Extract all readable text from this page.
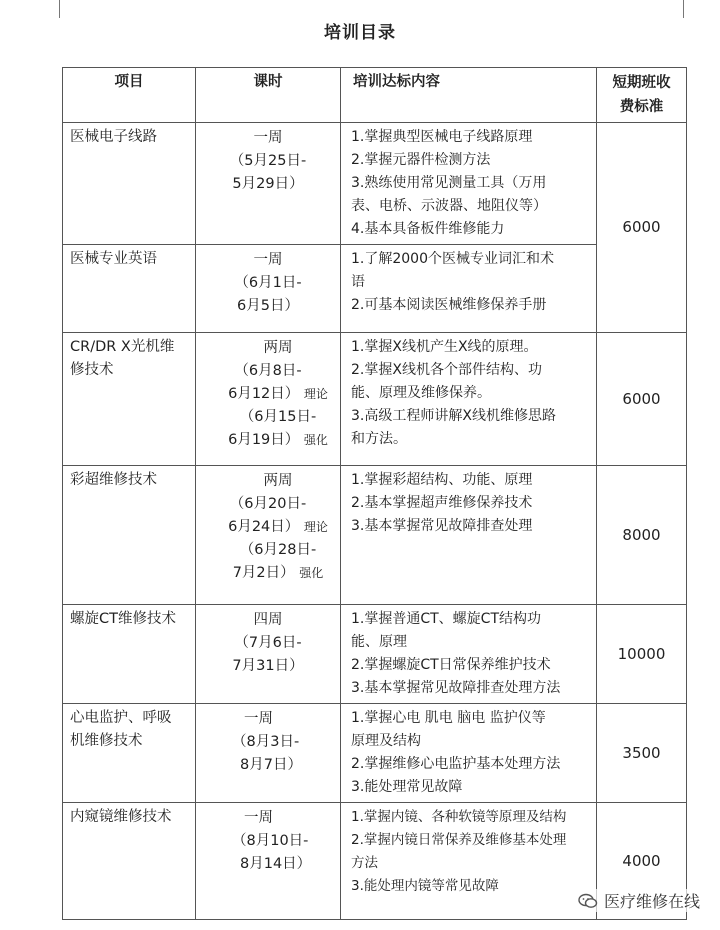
培训目录
项目	课时	培训达标内容	短期班收
费标准

医械电子线路	一周
（5月25日-
5月29日）	1.掌握典型医械电子线路原理
2.掌握元器件检测方法
3.熟练使用常见测量工具（万用
表、电桥、示波器、地阻仪等）
4.基本具备板件维修能力	6000

医械专业英语	一周
（6月1日-
6月5日）	1.了解2000个医械专业词汇和术
语
2.可基本阅读医械维修保养手册	

CR/DR X光机维
修技术	两周
（6月8日-
6月12日） 理论
（6月15日-
6月19日） 强化	1.掌握X线机产生X线的原理。
2.掌握X线机各个部件结构、功
能、原理及维修保养。
3.高级工程师讲解X线机维修思路
和方法。	6000

彩超维修技术	两周
（6月20日-
6月24日） 理论
（6月28日-
7月2日） 强化	1.掌握彩超结构、功能、原理
2.基本掌握超声维修保养技术
3.基本掌握常见故障排查处理	8000

螺旋CT维修技术	四周
（7月6日-
7月31日）	1.掌握普通CT、螺旋CT结构功
能、原理
2.掌握螺旋CT日常保养维护技术
3.基本掌握常见故障排查处理方法	10000

心电监护、呼吸
机维修技术	一周
（8月3日-
8月7日）	1.掌握心电 肌电 脑电 监护仪等
原理及结构
2.掌握维修心电监护基本处理方法
3.能处理常见故障	3500

内窥镜维修技术	一周
（8月10日-
8月14日）	1.掌握内镜、各种软镜等原理及结构
2.掌握内镜日常保养及维修基本处理
方法
3.能处理内镜等常见故障	4000
医疗维修在线
